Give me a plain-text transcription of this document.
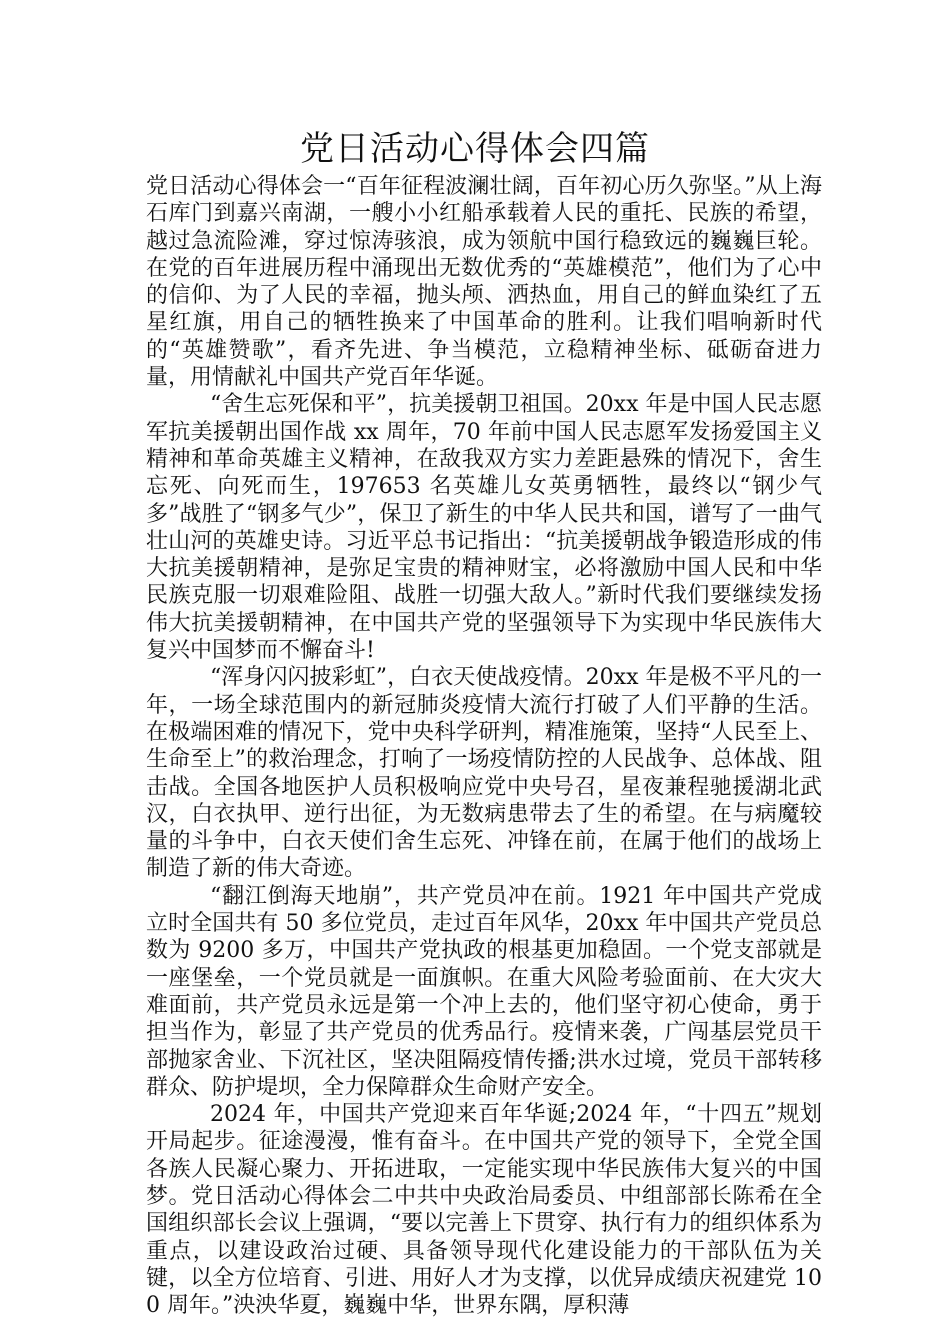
党日活动心得体会四篇

党日活动心得体会一“百年征程波澜壮阔，百年初心历久弥坚。”从上海石库门到嘉兴南湖，一艘小小红船承载着人民的重托、民族的希望，越过急流险滩，穿过惊涛骇浪，成为领航中国行稳致远的巍巍巨轮。在党的百年进展历程中涌现出无数优秀的“英雄模范”，他们为了心中的信仰、为了人民的幸福，抛头颅、洒热血，用自己的鲜血染红了五星红旗，用自己的牺牲换来了中国革命的胜利。让我们唱响新时代的“英雄赞歌”，看齐先进、争当模范，立稳精神坐标、砥砺奋进力量，用情献礼中国共产党百年华诞。

“舍生忘死保和平”，抗美援朝卫祖国。20xx 年是中国人民志愿军抗美援朝出国作战 xx 周年，70 年前中国人民志愿军发扬爱国主义精神和革命英雄主义精神，在敌我双方实力差距悬殊的情况下，舍生忘死、向死而生，197653 名英雄儿女英勇牺牲，最终以“钢少气多”战胜了“钢多气少”，保卫了新生的中华人民共和国，谱写了一曲气壮山河的英雄史诗。习近平总书记指出：“抗美援朝战争锻造形成的伟大抗美援朝精神，是弥足宝贵的精神财宝，必将激励中国人民和中华民族克服一切艰难险阻、战胜一切强大敌人。”新时代我们要继续发扬伟大抗美援朝精神，在中国共产党的坚强领导下为实现中华民族伟大复兴中国梦而不懈奋斗!

“浑身闪闪披彩虹”，白衣天使战疫情。20xx 年是极不平凡的一年，一场全球范围内的新冠肺炎疫情大流行打破了人们平静的生活。在极端困难的情况下，党中央科学研判，精准施策，坚持“人民至上、生命至上”的救治理念，打响了一场疫情防控的人民战争、总体战、阻击战。全国各地医护人员积极响应党中央号召，星夜兼程驰援湖北武汉，白衣执甲、逆行出征，为无数病患带去了生的希望。在与病魔较量的斗争中，白衣天使们舍生忘死、冲锋在前，在属于他们的战场上制造了新的伟大奇迹。

“翻江倒海天地崩”，共产党员冲在前。1921 年中国共产党成立时全国共有 50 多位党员，走过百年风华，20xx 年中国共产党员总数为 9200 多万，中国共产党执政的根基更加稳固。一个党支部就是一座堡垒，一个党员就是一面旗帜。在重大风险考验面前、在大灾大难面前，共产党员永远是第一个冲上去的，他们坚守初心使命，勇于担当作为，彰显了共产党员的优秀品行。疫情来袭，广闯基层党员干部抛家舍业、下沉社区，坚决阻隔疫情传播;洪水过境，党员干部转移群众、防护堤坝，全力保障群众生命财产安全。

2024 年，中国共产党迎来百年华诞;2024 年，“十四五”规划开局起步。征途漫漫，惟有奋斗。在中国共产党的领导下，全党全国各族人民凝心聚力、开拓进取，一定能实现中华民族伟大复兴的中国梦。党日活动心得体会二中共中央政治局委员、中组部部长陈希在全国组织部长会议上强调，“要以完善上下贯穿、执行有力的组织体系为重点，以建设政治过硬、具备领导现代化建设能力的干部队伍为关键，以全方位培育、引进、用好人才为支撑，以优异成绩庆祝建党 100 周年。”泱泱华夏，巍巍中华，世界东隅，厚积薄
